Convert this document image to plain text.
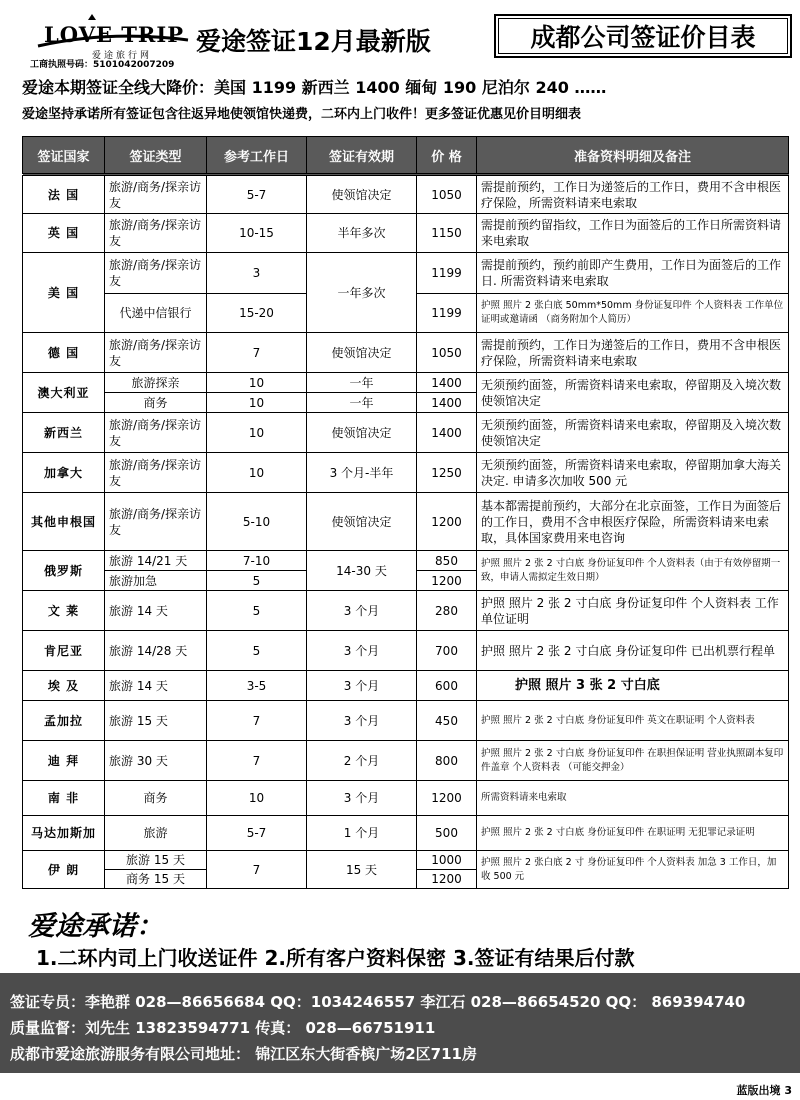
LOVE TRIP
爱途旅行网
工商执照号码：5101042007209
爱途签证12月最新版	成都公司签证价目表
爱途本期签证全线大降价：美国 1199 新西兰 1400 缅甸 190 尼泊尔 240 ……
爱途坚持承诺所有签证包含往返异地使领馆快递费，二环内上门收件！更多签证优惠见价目明细表
签证国家	签证类型	参考工作日	签证有效期	价 格	准备资料明细及备注
法 国	旅游/商务/探亲访友	5-7	使领馆决定	1050	需提前预约，工作日为递签后的工作日，费用不含申根医疗保险，所需资料请来电索取
英 国	旅游/商务/探亲访友	10-15	半年多次	1150	需提前预约留指纹，工作日为面签后的工作日所需资料请来电索取
美 国	旅游/商务/探亲访友	3	一年多次	1199	需提前预约，预约前即产生费用，工作日为面签后的工作日. 所需资料请来电索取
	代递中信银行	15-20		1199	护照 照片 2 张白底 50mm*50mm 身份证复印件 个人资料表 工作单位证明或邀请函 （商务附加个人简历）
德 国	旅游/商务/探亲访友	7	使领馆决定	1050	需提前预约，工作日为递签后的工作日，费用不含申根医疗保险，所需资料请来电索取
澳大利亚	旅游探亲	10	一年	1400	无须预约面签，所需资料请来电索取，停留期及入境次数使领馆决定
	商务	10	一年	1400	
新西兰	旅游/商务/探亲访友	10	使领馆决定	1400	无须预约面签，所需资料请来电索取，停留期及入境次数使领馆决定
加拿大	旅游/商务/探亲访友	10	3 个月-半年	1250	无须预约面签，所需资料请来电索取，停留期加拿大海关决定. 申请多次加收 500 元
其他申根国	旅游/商务/探亲访友	5-10	使领馆决定	1200	基本都需提前预约，大部分在北京面签，工作日为面签后的工作日，费用不含申根医疗保险，所需资料请来电索取，具体国家费用来电咨询
俄罗斯	旅游 14/21 天	7-10	14-30 天	850	护照 照片 2 张 2 寸白底 身份证复印件 个人资料表（由于有效停留期一致，申请人需拟定生效日期）
	旅游加急	5		1200	
文 莱	旅游 14 天	5	3 个月	280	护照 照片 2 张 2 寸白底 身份证复印件 个人资料表 工作单位证明
肯尼亚	旅游 14/28 天	5	3 个月	700	护照 照片 2 张 2 寸白底 身份证复印件 已出机票行程单
埃 及	旅游 14 天	3-5	3 个月	600	护照 照片 3 张 2 寸白底
孟加拉	旅游 15 天	7	3 个月	450	护照 照片 2 张 2 寸白底 身份证复印件 英文在职证明 个人资料表
迪 拜	旅游 30 天	7	2 个月	800	护照 照片 2 张 2 寸白底 身份证复印件 在职担保证明 营业执照副本复印件盖章 个人资料表 （可能交押金）
南 非	商务	10	3 个月	1200	所需资料请来电索取
马达加斯加	旅游	5-7	1 个月	500	护照 照片 2 张 2 寸白底 身份证复印件 在职证明 无犯罪记录证明
伊 朗	旅游 15 天	7	15 天	1000	护照 照片 2 张白底 2 寸 身份证复印件 个人资料表 加急 3 工作日，加收 500 元
	商务 15 天			1200	
爱途承诺：
1.二环内司上门收送证件 2.所有客户资料保密 3.签证有结果后付款
签证专员：李艳群 028—86656684 QQ：1034246557 李江石 028—86654520 QQ： 869394740
质量监督：刘先生 13823594771 传真： 028—66751911
成都市爱途旅游服务有限公司地址： 锦江区东大街香槟广场2区711房
蓝版出境 3
